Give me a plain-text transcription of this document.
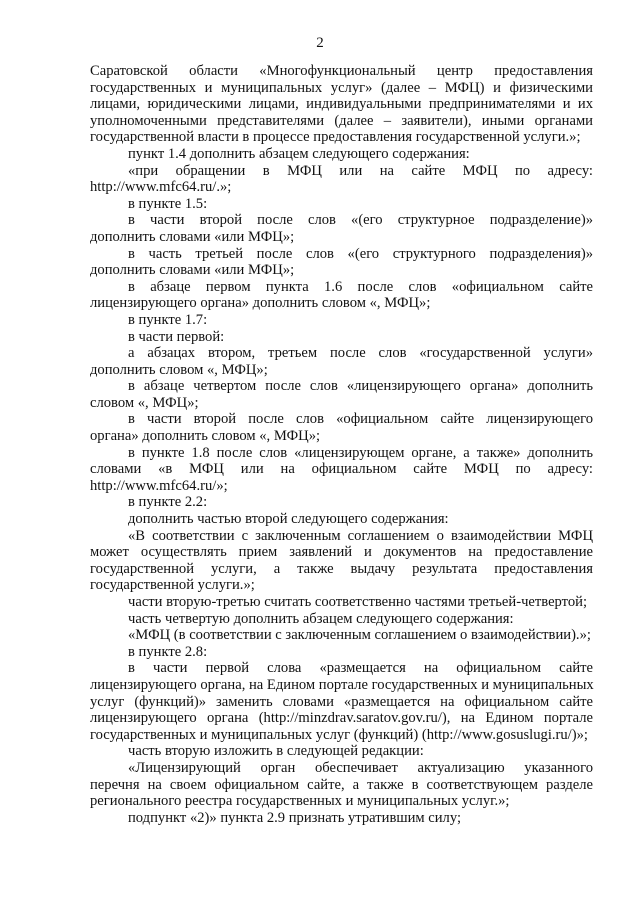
2
Саратовской области «Многофункциональный центр предоставления
государственных и муниципальных услуг» (далее – МФЦ) и физическими
лицами, юридическими лицами, индивидуальными предпринимателями и их
уполномоченными представителями (далее – заявители), иными органами
государственной власти в процессе предоставления государственной услуги.»;
пункт 1.4 дополнить абзацем следующего содержания:
«при обращении в МФЦ или на сайте МФЦ по адресу:
http://www.mfc64.ru/.»;
в пункте 1.5:
в части второй после слов «(его структурное подразделение)»
дополнить словами «или МФЦ»;
в часть третьей после слов «(его структурного подразделения)»
дополнить словами «или МФЦ»;
в абзаце первом пункта 1.6 после слов «официальном сайте
лицензирующего органа» дополнить словом «, МФЦ»;
в пункте 1.7:
в части первой:
а абзацах втором, третьем после слов «государственной услуги»
дополнить словом «, МФЦ»;
в абзаце четвертом после слов «лицензирующего органа» дополнить
словом «, МФЦ»;
в части второй после слов «официальном сайте лицензирующего
органа» дополнить словом «, МФЦ»;
в пункте 1.8 после слов «лицензирующем органе, а также» дополнить
словами «в МФЦ или на официальном сайте МФЦ по адресу:
http://www.mfc64.ru/»;
в пункте 2.2:
дополнить частью второй следующего содержания:
«В соответствии с заключенным соглашением о взаимодействии МФЦ
может осуществлять прием заявлений и документов на предоставление
государственной услуги, а также выдачу результата предоставления
государственной услуги.»;
части вторую-третью считать соответственно частями третьей-четвертой;
часть четвертую дополнить абзацем следующего содержания:
«МФЦ (в соответствии с заключенным соглашением о взаимодействии).»;
в пункте 2.8:
в части первой слова «размещается на официальном сайте
лицензирующего органа, на Едином портале государственных и муниципальных
услуг (функций)» заменить словами «размещается на официальном сайте
лицензирующего органа (http://minzdrav.saratov.gov.ru/), на Едином портале
государственных и муниципальных услуг (функций) (http://www.gosuslugi.ru/)»;
часть вторую изложить в следующей редакции:
«Лицензирующий орган обеспечивает актуализацию указанного
перечня на своем официальном сайте, а также в соответствующем разделе
регионального реестра государственных и муниципальных услуг.»;
подпункт «2)» пункта 2.9 признать утратившим силу;
